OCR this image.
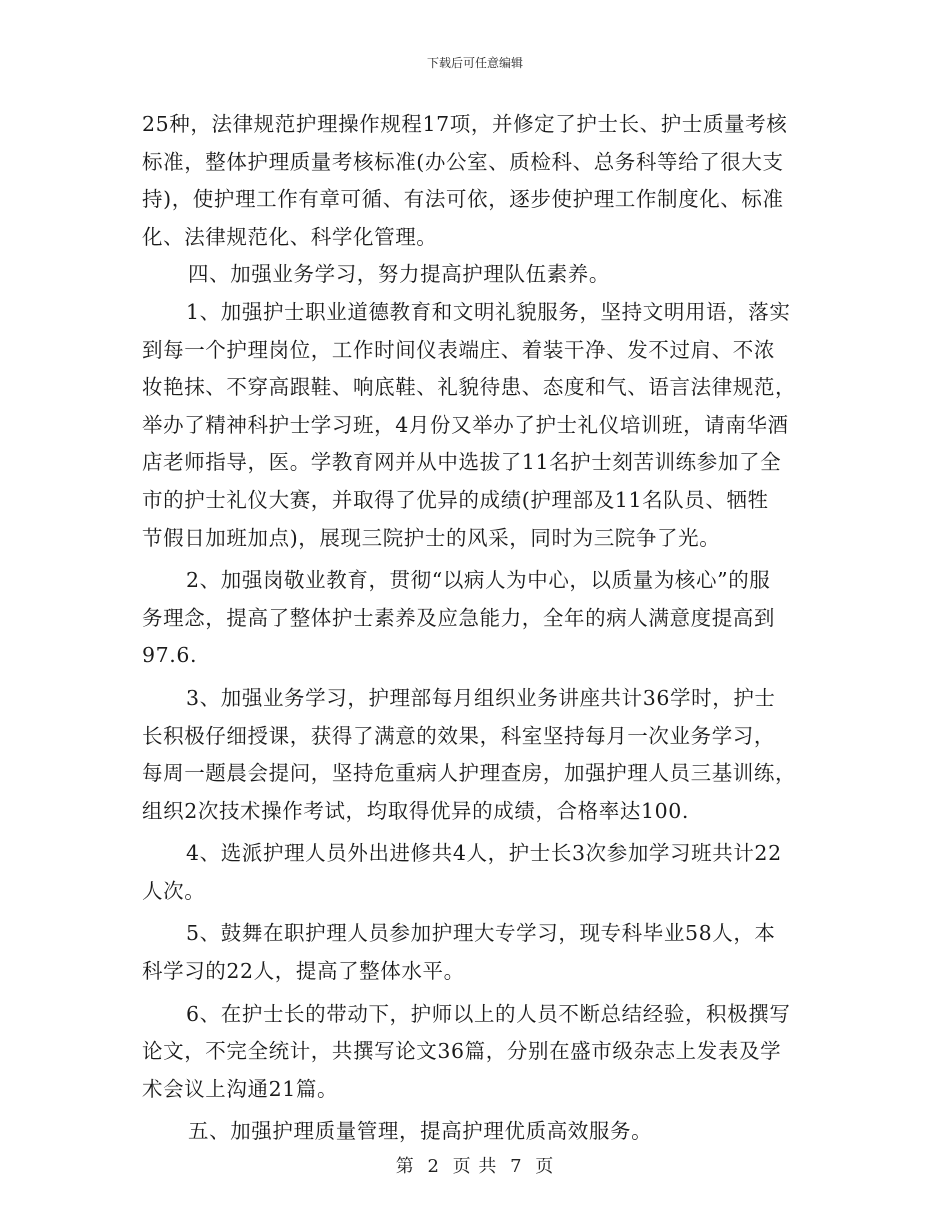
下载后可任意编辑
25种，法律规范护理操作规程17项，并修定了护士长、护士质量考核
标准，整体护理质量考核标准(办公室、质检科、总务科等给了很大支
持)，使护理工作有章可循、有法可依，逐步使护理工作制度化、标准
化、法律规范化、科学化管理。
四、加强业务学习，努力提高护理队伍素养。
1、加强护士职业道德教育和文明礼貌服务，坚持文明用语，落实
到每一个护理岗位，工作时间仪表端庄、着装干净、发不过肩、不浓
妆艳抹、不穿高跟鞋、响底鞋、礼貌待患、态度和气、语言法律规范，
举办了精神科护士学习班，4月份又举办了护士礼仪培训班，请南华酒
店老师指导，医。学教育网并从中选拔了11名护士刻苦训练参加了全
市的护士礼仪大赛，并取得了优异的成绩(护理部及11名队员、牺牲
节假日加班加点)，展现三院护士的风采，同时为三院争了光。
2、加强岗敬业教育，贯彻“以病人为中心，以质量为核心”的服
务理念，提高了整体护士素养及应急能力，全年的病人满意度提高到
97.6.
3、加强业务学习，护理部每月组织业务讲座共计36学时，护士
长积极仔细授课，获得了满意的效果，科室坚持每月一次业务学习，
每周一题晨会提问，坚持危重病人护理查房，加强护理人员三基训练，
组织2次技术操作考试，均取得优异的成绩，合格率达100.
4、选派护理人员外出进修共4人，护士长3次参加学习班共计22
人次。
5、鼓舞在职护理人员参加护理大专学习，现专科毕业58人，本
科学习的22人，提高了整体水平。
6、在护士长的带动下，护师以上的人员不断总结经验，积极撰写
论文，不完全统计，共撰写论文36篇，分别在盛市级杂志上发表及学
术会议上沟通21篇。
五、加强护理质量管理，提高护理优质高效服务。
第 2 页 共 7 页
